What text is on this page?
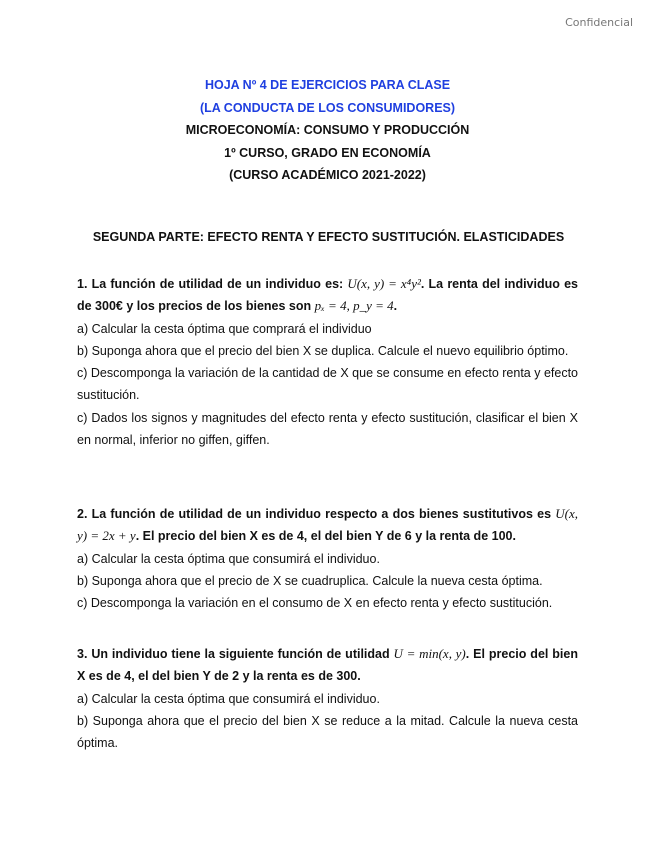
Confidencial
HOJA Nº 4 DE EJERCICIOS PARA CLASE
(LA CONDUCTA DE LOS CONSUMIDORES)
MICROECONOMÍA: CONSUMO Y PRODUCCIÓN
1º CURSO, GRADO EN ECONOMÍA
(CURSO ACADÉMICO 2021-2022)
SEGUNDA PARTE: EFECTO RENTA Y EFECTO SUSTITUCIÓN. ELASTICIDADES

1. La función de utilidad de un individuo es: U(x, y) = x⁴y². La renta del individuo es de 300€ y los precios de los bienes son pₓ = 4, p_y = 4.

a) Calcular la cesta óptima que comprará el individuo

b) Suponga ahora que el precio del bien X se duplica. Calcule el nuevo equilibrio óptimo.

c) Descomponga la variación de la cantidad de X que se consume en efecto renta y efecto sustitución.

c) Dados los signos y magnitudes del efecto renta y efecto sustitución, clasificar el bien X en normal, inferior no giffen, giffen.

2. La función de utilidad de un individuo respecto a dos bienes sustitutivos es U(x, y) = 2x + y. El precio del bien X es de 4, el del bien Y de 6 y la renta de 100.

a) Calcular la cesta óptima que consumirá el individuo.

b) Suponga ahora que el precio de X se cuadruplica. Calcule la nueva cesta óptima.

c) Descomponga la variación en el consumo de X en efecto renta y efecto sustitución.

3. Un individuo tiene la siguiente función de utilidad U = min(x, y). El precio del bien X es de 4, el del bien Y de 2 y la renta es de 300.

a) Calcular la cesta óptima que consumirá el individuo.

b) Suponga ahora que el precio del bien X se reduce a la mitad. Calcule la nueva cesta óptima.
